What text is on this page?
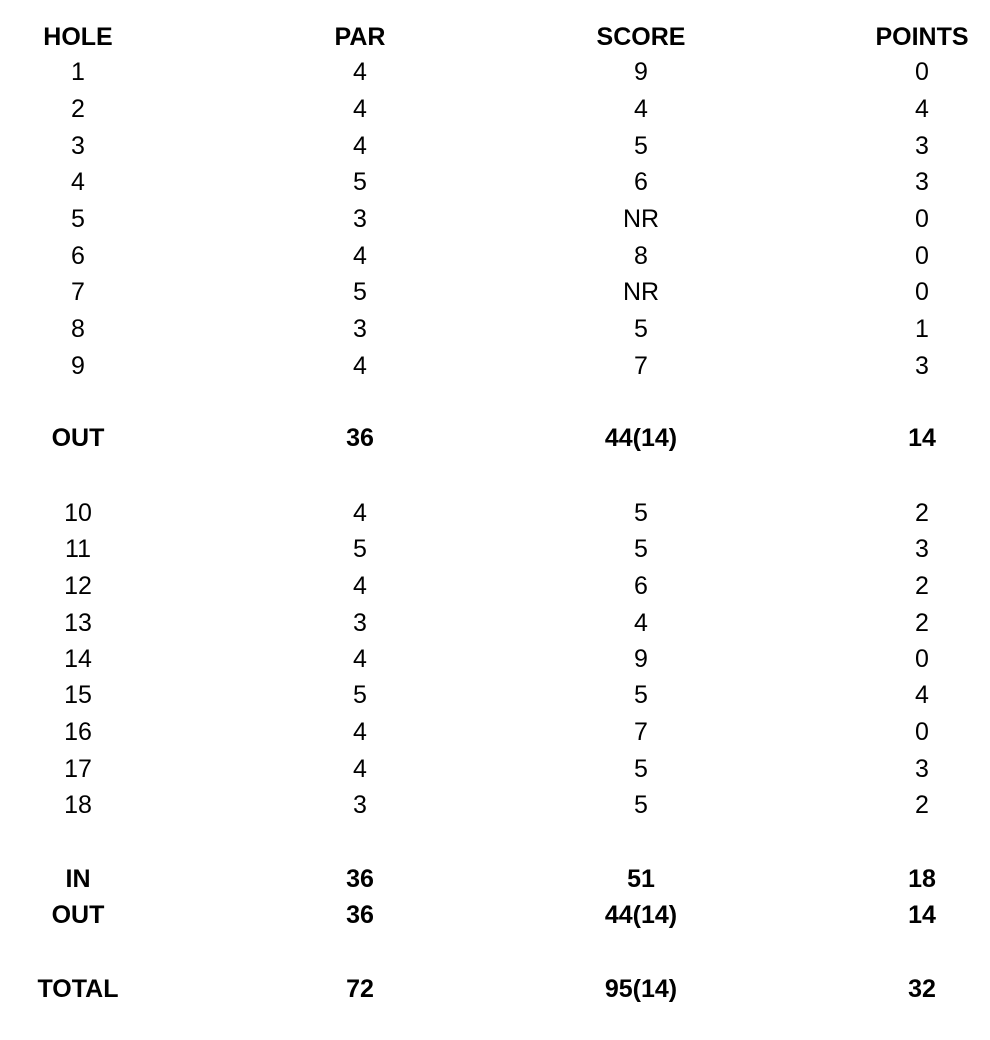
HOLE	PAR	SCORE	POINTS
1	4	9	0
2	4	4	4
3	4	5	3
4	5	6	3
5	3	NR	0
6	4	8	0
7	5	NR	0
8	3	5	1
9	4	7	3
OUT	36	44(14)	14
10	4	5	2
11	5	5	3
12	4	6	2
13	3	4	2
14	4	9	0
15	5	5	4
16	4	7	0
17	4	5	3
18	3	5	2
IN	36	51	18
OUT	36	44(14)	14
TOTAL	72	95(14)	32
